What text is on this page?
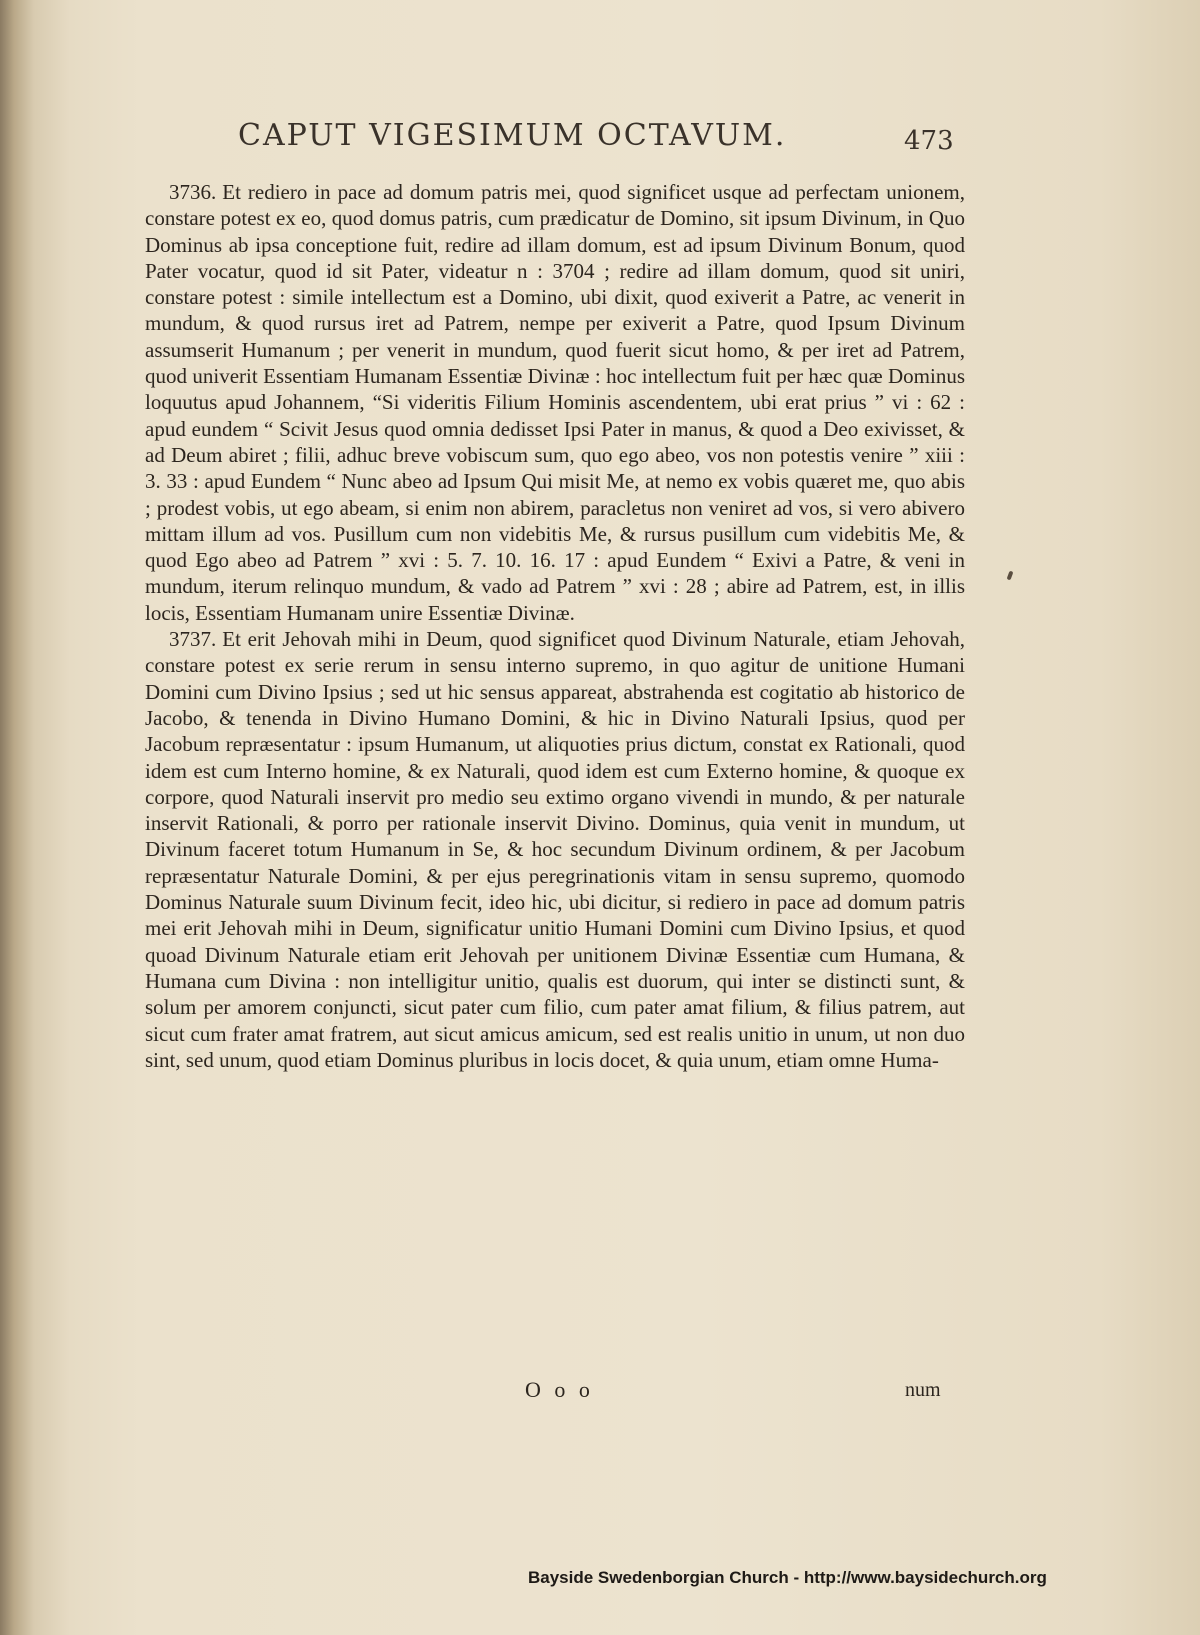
CAPUT VIGESIMUM OCTAVUM.	473

3736. Et rediero in pace ad domum patris mei, quod significet usque ad perfectam unionem, constare potest ex eo, quod domus patris, cum prædicatur de Domino, sit ipsum Divinum, in Quo Dominus ab ipsa conceptione fuit, redire ad illam domum, est ad ipsum Divinum Bonum, quod Pater vocatur, quod id sit Pater, videatur n : 3704 ; redire ad illam domum, quod sit uniri, constare potest : simile intellectum est a Domino, ubi dixit, quod exiverit a Patre, ac venerit in mundum, & quod rursus iret ad Patrem, nempe per exiverit a Patre, quod Ipsum Divinum assumserit Humanum ; per venerit in mundum, quod fuerit sicut homo, & per iret ad Patrem, quod univerit Essentiam Humanam Essentiæ Divinæ : hoc intellectum fuit per hæc quæ Dominus loquutus apud Johannem, “Si videritis Filium Hominis ascendentem, ubi erat prius ” vi : 62 : apud eundem “ Scivit Jesus quod omnia dedisset Ipsi Pater in manus, & quod a Deo exivisset, & ad Deum abiret ; filii, adhuc breve vobiscum sum, quo ego abeo, vos non potestis venire ” xiii : 3. 33 : apud Eundem “ Nunc abeo ad Ipsum Qui misit Me, at nemo ex vobis quæret me, quo abis ; prodest vobis, ut ego abeam, si enim non abirem, paracletus non veniret ad vos, si vero abivero mittam illum ad vos. Pusillum cum non videbitis Me, & rursus pusillum cum videbitis Me, & quod Ego abeo ad Patrem ” xvi : 5. 7. 10. 16. 17 : apud Eundem “ Exivi a Patre, & veni in mundum, iterum relinquo mundum, & vado ad Patrem ” xvi : 28 ; abire ad Patrem, est, in illis locis, Essentiam Humanam unire Essentiæ Divinæ.

3737. Et erit Jehovah mihi in Deum, quod significet quod Divinum Naturale, etiam Jehovah, constare potest ex serie rerum in sensu interno supremo, in quo agitur de unitione Humani Domini cum Divino Ipsius ; sed ut hic sensus appareat, abstrahenda est cogitatio ab historico de Jacobo, & tenenda in Divino Humano Domini, & hic in Divino Naturali Ipsius, quod per Jacobum repræsentatur : ipsum Humanum, ut aliquoties prius dictum, constat ex Rationali, quod idem est cum Interno homine, & ex Naturali, quod idem est cum Externo homine, & quoque ex corpore, quod Naturali inservit pro medio seu extimo organo vivendi in mundo, & per naturale inservit Rationali, & porro per rationale inservit Divino. Dominus, quia venit in mundum, ut Divinum faceret totum Humanum in Se, & hoc secundum Divinum ordinem, & per Jacobum repræsentatur Naturale Domini, & per ejus peregrinationis vitam in sensu supremo, quomodo Dominus Naturale suum Divinum fecit, ideo hic, ubi dicitur, si rediero in pace ad domum patris mei erit Jehovah mihi in Deum, significatur unitio Humani Domini cum Divino Ipsius, et quod quoad Divinum Naturale etiam erit Jehovah per unitionem Divinæ Essentiæ cum Humana, & Humana cum Divina : non intelligitur unitio, qualis est duorum, qui inter se distincti sunt, & solum per amorem conjuncti, sicut pater cum filio, cum pater amat filium, & filius patrem, aut sicut cum frater amat fratrem, aut sicut amicus amicum, sed est realis unitio in unum, ut non duo sint, sed unum, quod etiam Dominus pluribus in locis docet, & quia unum, etiam omne Huma-

O o o	num
Bayside Swedenborgian Church - http://www.baysidechurch.org
